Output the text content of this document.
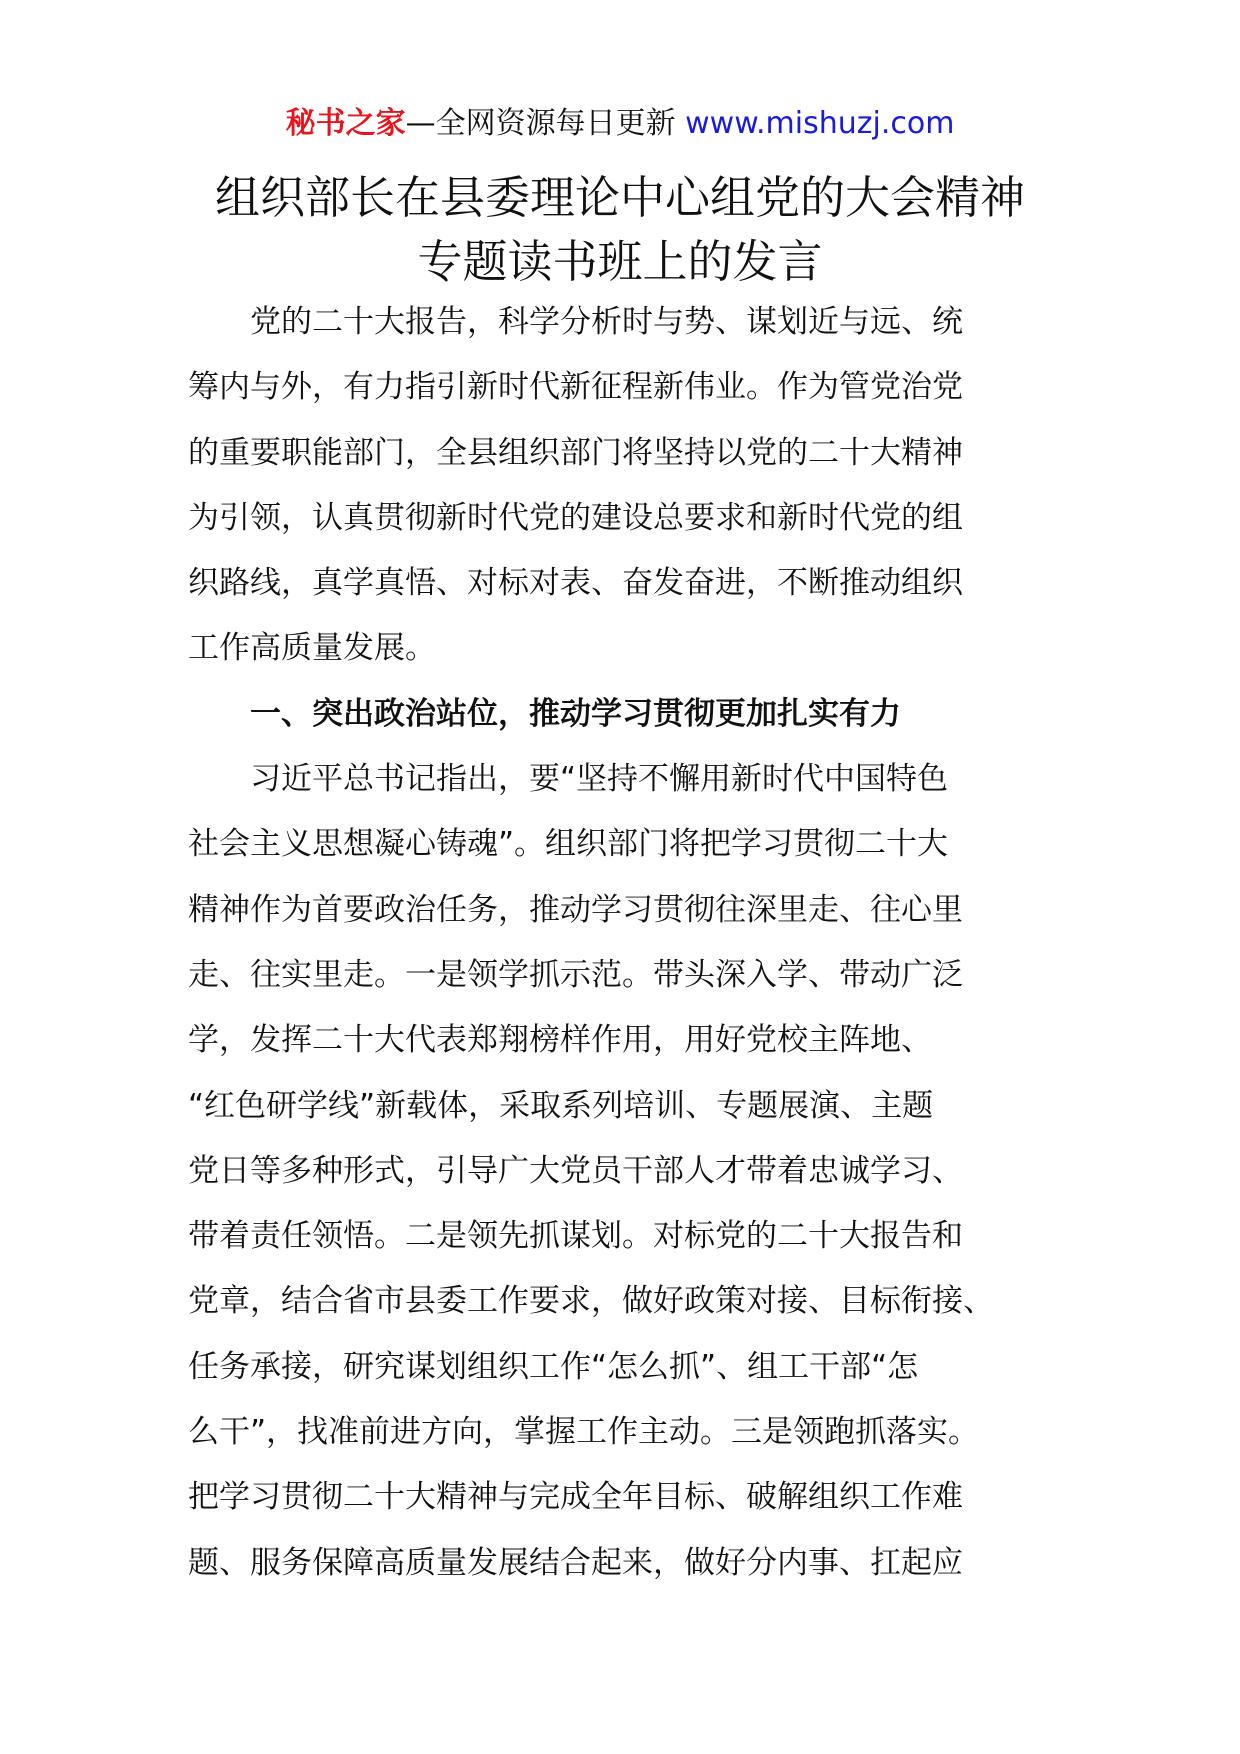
秘书之家—全网资源每日更新 www.mishuzj.com
组织部长在县委理论中心组党的大会精神
专题读书班上的发言
党的二十大报告，科学分析时与势、谋划近与远、统
筹内与外，有力指引新时代新征程新伟业。作为管党治党
的重要职能部门，全县组织部门将坚持以党的二十大精神
为引领，认真贯彻新时代党的建设总要求和新时代党的组
织路线，真学真悟、对标对表、奋发奋进，不断推动组织
工作高质量发展。
一、突出政治站位，推动学习贯彻更加扎实有力
习近平总书记指出，要“坚持不懈用新时代中国特色
社会主义思想凝心铸魂”。组织部门将把学习贯彻二十大
精神作为首要政治任务，推动学习贯彻往深里走、往心里
走、往实里走。一是领学抓示范。带头深入学、带动广泛
学，发挥二十大代表郑翔榜样作用，用好党校主阵地、
“红色研学线”新载体，采取系列培训、专题展演、主题
党日等多种形式，引导广大党员干部人才带着忠诚学习、
带着责任领悟。二是领先抓谋划。对标党的二十大报告和
党章，结合省市县委工作要求，做好政策对接、目标衔接、
任务承接，研究谋划组织工作“怎么抓”、组工干部“怎
么干”，找准前进方向，掌握工作主动。三是领跑抓落实。
把学习贯彻二十大精神与完成全年目标、破解组织工作难
题、服务保障高质量发展结合起来，做好分内事、扛起应
